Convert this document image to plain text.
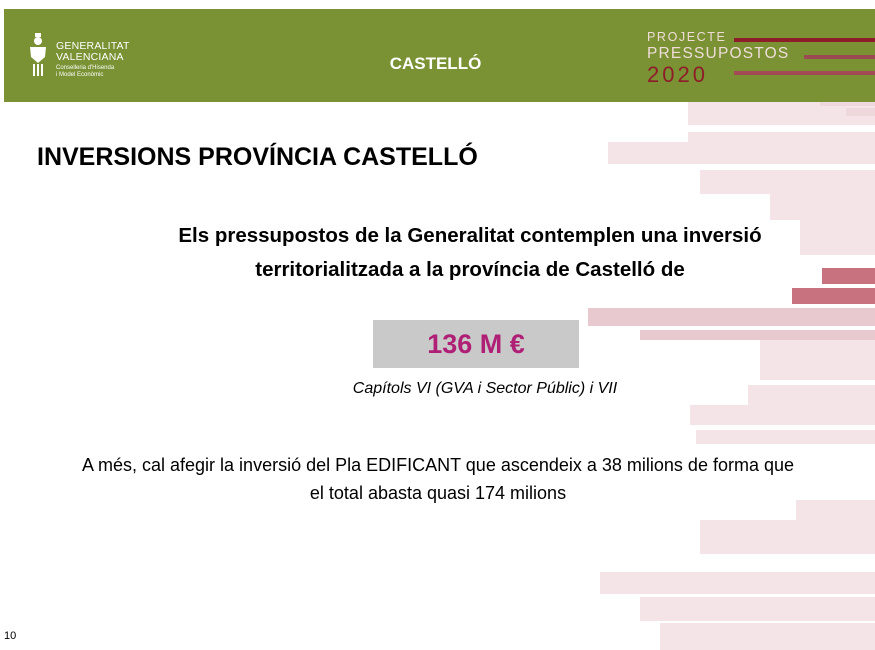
GENERALITAT
VALENCIANA
Conselleria d'Hisenda
i Model Econòmic
CASTELLÓ
PROJECTE
PRESSUPOSTOS
2020
INVERSIONS PROVÍNCIA CASTELLÓ
Els pressupostos de la Generalitat contemplen una inversió
territorialitzada a la província de Castelló de
136 M €
Capítols VI (GVA i Sector Públic) i VII
A més, cal afegir la inversió del Pla EDIFICANT que ascendeix a 38 milions de forma que
el total abasta quasi 174 milions
10
